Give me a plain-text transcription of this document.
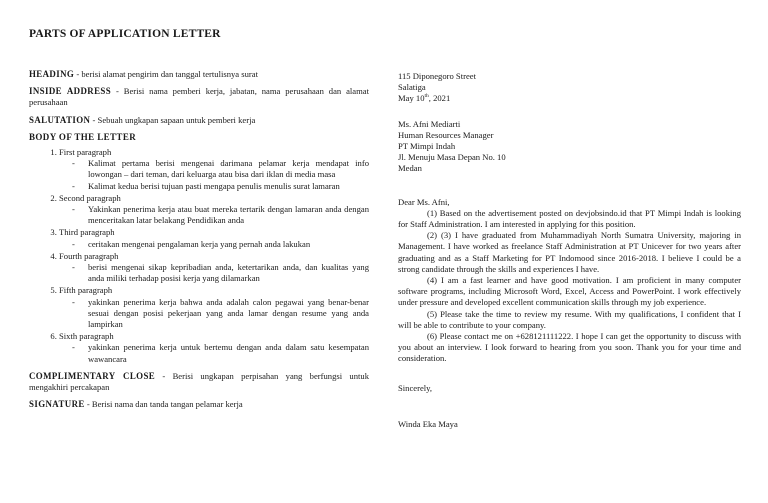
PARTS OF APPLICATION LETTER

HEADING - berisi alamat pengirim dan tanggal tertulisnya surat

INSIDE ADDRESS - Berisi nama pemberi kerja, jabatan, nama perusahaan dan alamat perusahaan

SALUTATION - Sebuah ungkapan sapaan untuk pemberi kerja

BODY OF THE LETTER

1. First paragraph
- Kalimat pertama berisi mengenai darimana pelamar kerja mendapat info lowongan – dari teman, dari keluarga atau bisa dari iklan di media masa
- Kalimat kedua berisi tujuan pasti mengapa penulis menulis surat lamaran
2. Second paragraph
- Yakinkan penerima kerja atau buat mereka tertarik dengan lamaran anda dengan menceritakan latar belakang Pendidikan anda
3. Third paragraph
- ceritakan mengenai pengalaman kerja yang pernah anda lakukan
4. Fourth paragraph
- berisi mengenai sikap kepribadian anda, ketertarikan anda, dan kualitas yang anda miliki terhadap posisi kerja yang dilamarkan
5. Fifth paragraph
- yakinkan penerima kerja bahwa anda adalah calon pegawai yang benar-benar sesuai dengan posisi pekerjaan yang anda lamar dengan resume yang anda lampirkan
6. Sixth paragraph
- yakinkan penerima kerja untuk bertemu dengan anda dalam satu kesempatan wawancara

COMPLIMENTARY CLOSE - Berisi ungkapan perpisahan yang berfungsi untuk mengakhiri percakapan

SIGNATURE - Berisi nama dan tanda tangan pelamar kerja

115 Diponegoro Street

Salatiga

May 10th, 2021

Ms. Afni Mediarti

Human Resources Manager

PT Mimpi Indah

Jl. Menuju Masa Depan No. 10

Medan

Dear Ms. Afni,

(1) Based on the advertisement posted on devjobsindo.id that PT Mimpi Indah is looking for Staff Administration. I am interested in applying for this position.

(2) (3) I have graduated from Muhammadiyah North Sumatra University, majoring in Management. I have worked as freelance Staff Administration at PT Unicever for two years after graduating and as a Staff Marketing for PT Indomood since 2016-2018. I believe I could be a strong candidate through the skills and experiences I have.

(4) I am a fast learner and have good motivation. I am proficient in many computer software programs, including Microsoft Word, Excel, Access and PowerPoint. I work effectively under pressure and developed excellent communication skills through my job experience.

(5) Please take the time to review my resume. With my qualifications, I confident that I will be able to contribute to your company.

(6) Please contact me on +628121111222. I hope I can get the opportunity to discuss with you about an interview. I look forward to hearing from you soon. Thank you for your time and consideration.

Sincerely,

Winda Eka Maya
